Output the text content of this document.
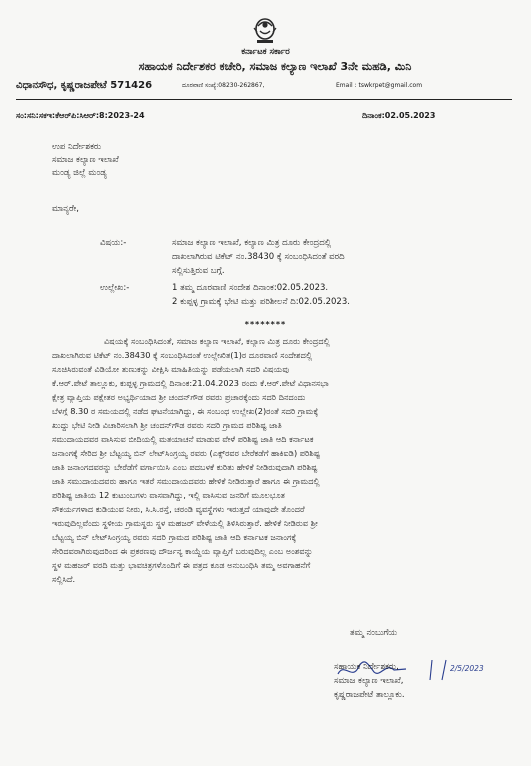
ಕರ್ನಾಟಕ ಸರ್ಕಾರ
ಸಹಾಯಕ ನಿರ್ದೇಶಕರ ಕಚೇರಿ, ಸಮಾಜ ಕಲ್ಯಾಣ ಇಲಾಖೆ 3ನೇ ಮಹಡಿ, ಮಿನಿ
ವಿಧಾನಸೌಧ, ಕೃಷ್ಣರಾಜಪೇಟೆ 571426	ದೂರವಾಣಿ ಸಂಖ್ಯೆ:08230-262867,	Email : tswkrpet@gmail.com
ಸಂ:ಸನಿ:ಸಕಇ:ಕೆಆರ್‌ಪಿ:ಸಿಆರ್‌:8:2023-24	ದಿನಾಂಕ:02.05.2023
ಉಪ ನಿರ್ದೇಶಕರು
ಸಮಾಜ ಕಲ್ಯಾಣ ಇಲಾಖೆ
ಮಂಡ್ಯ ಜಿಲ್ಲೆ ಮಂಡ್ಯ
ಮಾನ್ಯರೇ,
ವಿಷಯ:-	ಸಮಾಜ ಕಲ್ಯಾಣ ಇಲಾಖೆ, ಕಲ್ಯಾಣ ಮಿತ್ರ ದೂರು ಕೇಂದ್ರದಲ್ಲಿ
ದಾಖಲಾಗಿರುವ ಟಿಕೆಟ್ ನಂ.38430 ಕ್ಕೆ ಸಂಬಂಧಿಸಿದಂತೆ ವರದಿ
ಸಲ್ಲಿಸುತ್ತಿರುವ ಬಗ್ಗೆ.
ಉಲ್ಲೇಖ:-	1 ತಮ್ಮ ದೂರವಾಣಿ ಸಂದೇಶ ದಿನಾಂಕ:02.05.2023.
2 ಕುಪ್ಪಳ್ಳ ಗ್ರಾಮಕ್ಕೆ ಭೇಟಿ ಮತ್ತು ಪರಿಶೀಲನೆ ದಿ:02.05.2023.
********
ವಿಷಯಕ್ಕೆ ಸಂಬಂಧಿಸಿದಂತೆ, ಸಮಾಜ ಕಲ್ಯಾಣ ಇಲಾಖೆ, ಕಲ್ಯಾಣ ಮಿತ್ರ ದೂರು ಕೇಂದ್ರದಲ್ಲಿ
ದಾಖಲಾಗಿರುವ ಟಿಕೆಟ್ ನಂ.38430 ಕ್ಕೆ ಸಂಬಂಧಿಸಿದಂತೆ ಉಲ್ಲೇಖಿತ(1)ರ ದೂರವಾಣಿ ಸಂದೇಶದಲ್ಲಿ
ಸೂಚಿಸಿರುವಂತೆ ವಿಡಿಯೋ ತುಣುಕನ್ನು ವೀಕ್ಷಿಸಿ ಮಾಹಿತಿಯನ್ನು ಪಡೆಯಲಾಗಿ ಸದರಿ ವಿಷಯವು
ಕೆ.ಆರ್.ಪೇಟೆ ತಾಲ್ಲೂಕು, ಕುಪ್ಪಳ್ಳ ಗ್ರಾಮದಲ್ಲಿ ದಿನಾಂಕ:21.04.2023 ರಂದು ಕೆ.ಆರ್.ಪೇಟೆ ವಿಧಾನಸಭಾ
ಕ್ಷೇತ್ರ ವ್ಯಾಪ್ತಿಯ ಪಕ್ಷೇತರ ಅಭ್ಯರ್ಥಿಯಾದ ಶ್ರೀ ಚಂದನ್‌ಗೌಡ ರವರು ಪ್ರಚಾರಕ್ಕೆಂದು ಸದರಿ ದಿನದಂದು
ಬೆಳಗ್ಗೆ 8.30 ರ ಸಮಯದಲ್ಲಿ ನಡೆದ ಘಟನೆಯಾಗಿದ್ದು, ಈ ಸಂಬಂಧ ಉಲ್ಲೇಖ(2)ರಂತೆ ಸದರಿ ಗ್ರಾಮಕ್ಕೆ
ಖುದ್ದು ಭೇಟಿ ನೀಡಿ ವಿಚಾರಿಸಲಾಗಿ ಶ್ರೀ ಚಂದನ್‌ಗೌಡ ರವರು ಸದರಿ ಗ್ರಾಮದ ಪರಿಶಿಷ್ಟ ಜಾತಿ
ಸಮುದಾಯದವರ ವಾಸಿಸುವ ಬೀದಿಯಲ್ಲಿ ಮತಯಾಚನೆ ಮಾಡುವ ವೇಳೆ ಪರಿಶಿಷ್ಟ ಜಾತಿ ಆದಿ ಕರ್ನಾಟಕ
ಜನಾಂಗಕ್ಕೆ ಸೇರಿದ ಶ್ರೀ ಬೆಟ್ಟಯ್ಯ ಬಿನ್ ಲೇಟ್‌ಸಿಂಗ್ರಯ್ಯ ರವರು (ಎಕ್ಸ್‌ರವರ ಬೇರೆಕಡೆಗೆ ಹಾಕಿಐಡಿ) ಪರಿಶಿಷ್ಟ
ಜಾತಿ ಜನಾಂಗದವರನ್ನು ಬೇರೆಡೆಗೆ ವರ್ಗಾಯಿಸಿ ಎಂಬ ಪದಬಳಕೆ ಕುರಿತು ಹೇಳಿಕೆ ನೀಡಿರುವುದಾಗಿ ಪರಿಶಿಷ್ಟ
ಜಾತಿ ಸಮುದಾಯದವರು ಹಾಗೂ ಇತರೆ ಸಮುದಾಯದವರು ಹೇಳಿಕೆ ನೀಡಿರುತ್ತಾರೆ ಹಾಗೂ ಈ ಗ್ರಾಮದಲ್ಲಿ
ಪರಿಶಿಷ್ಟ ಜಾತಿಯ 12 ಕುಟುಂಬಗಳು ವಾಸವಾಗಿದ್ದು, ಇಲ್ಲಿ ವಾಸಿಸುವ ಜನರಿಗೆ ಮೂಲಭೂತ
ಸೌಕರ್ಯಗಳಾದ ಕುಡಿಯುವ ನೀರು, ಸಿ.ಸಿ.ರಸ್ತೆ, ಚರಂಡಿ ವ್ಯವಸ್ಥೆಗಳು ಇರುತ್ತದೆ ಯಾವುದೇ ತೊಂದರೆ
ಇರುವುದಿಲ್ಲವೆಂದು ಸ್ಥಳೀಯ ಗ್ರಾಮಸ್ಥರು ಸ್ಥಳ ಮಹಜರ್ ವೇಳೆಯಲ್ಲಿ ತಿಳಿಸಿರುತ್ತಾರೆ. ಹೇಳಿಕೆ ನೀಡಿರುವ ಶ್ರೀ
ಬೆಟ್ಟಯ್ಯ ಬಿನ್ ಲೇಟ್‌ಸಿಂಗ್ರಯ್ಯ ರವರು ಸದರಿ ಗ್ರಾಮದ ಪರಿಶಿಷ್ಟ ಜಾತಿ ಆದಿ ಕರ್ನಾಟಕ ಜನಾಂಗಕ್ಕೆ
ಸೇರಿದವರಾಗಿರುವುದರಿಂದ ಈ ಪ್ರಕರಣವು ದೌರ್ಜನ್ಯ ಕಾಯ್ದೆಯ ವ್ಯಾಪ್ತಿಗೆ ಬರುವುದಿಲ್ಲ ಎಂಬ ಅಂಶವನ್ನು
ಸ್ಥಳ ಮಹಜರ್ ವರದಿ ಮತ್ತು ಭಾವಚಿತ್ರಗಳೊಂದಿಗೆ ಈ ಪತ್ರದ ಕೂಡ ಅನುಬಂಧಿಸಿ ತಮ್ಮ ಅವಗಾಹನೆಗೆ
ಸಲ್ಲಿಸಿದೆ.
ತಮ್ಮ ನಂಬುಗೆಯ
2/5/2023
ಸಹಾಯಕ ನಿರ್ದೇಶಕರು,
ಸಮಾಜ ಕಲ್ಯಾಣ ಇಲಾಖೆ,
ಕೃಷ್ಣರಾಜಪೇಟೆ ತಾಲ್ಲೂಕು.
